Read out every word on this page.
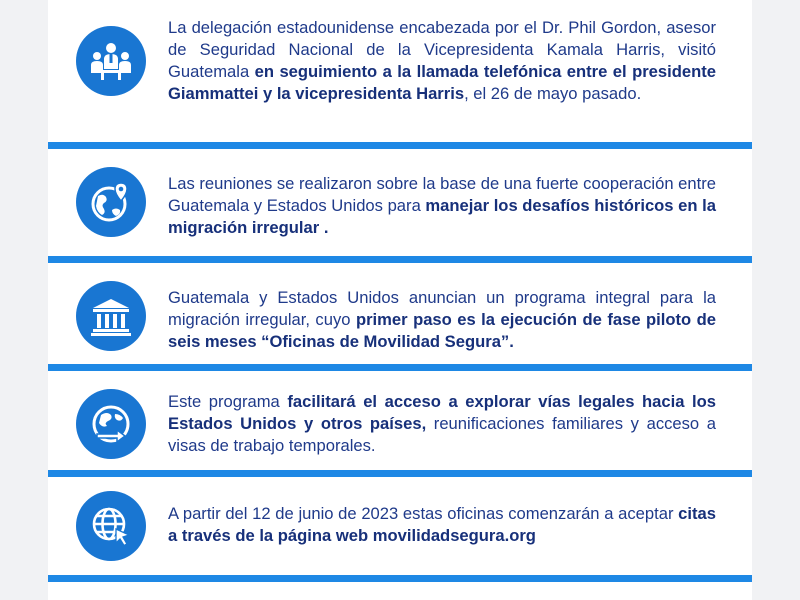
La delegación estadounidense encabezada por el Dr. Phil Gordon, asesor de Seguridad Nacional de la Vicepresidenta Kamala Harris, visitó Guatemala en seguimiento a la llamada telefónica entre el presidente Giammattei y la vicepresidenta Harris, el 26 de mayo pasado.
Las reuniones se realizaron sobre la base de una fuerte cooperación entre Guatemala y Estados Unidos para manejar los desafíos históricos en la migración irregular .
Guatemala y Estados Unidos anuncian un programa integral para la migración irregular, cuyo primer paso es la ejecución de fase piloto de seis meses “Oficinas de Movilidad Segura”.
Este programa facilitará el acceso a explorar vías legales hacia los Estados Unidos y otros países, reunificaciones familiares y acceso a visas de trabajo temporales.
A partir del 12 de junio de 2023 estas oficinas comenzarán a aceptar citas a través de la página web movilidadsegura.org
